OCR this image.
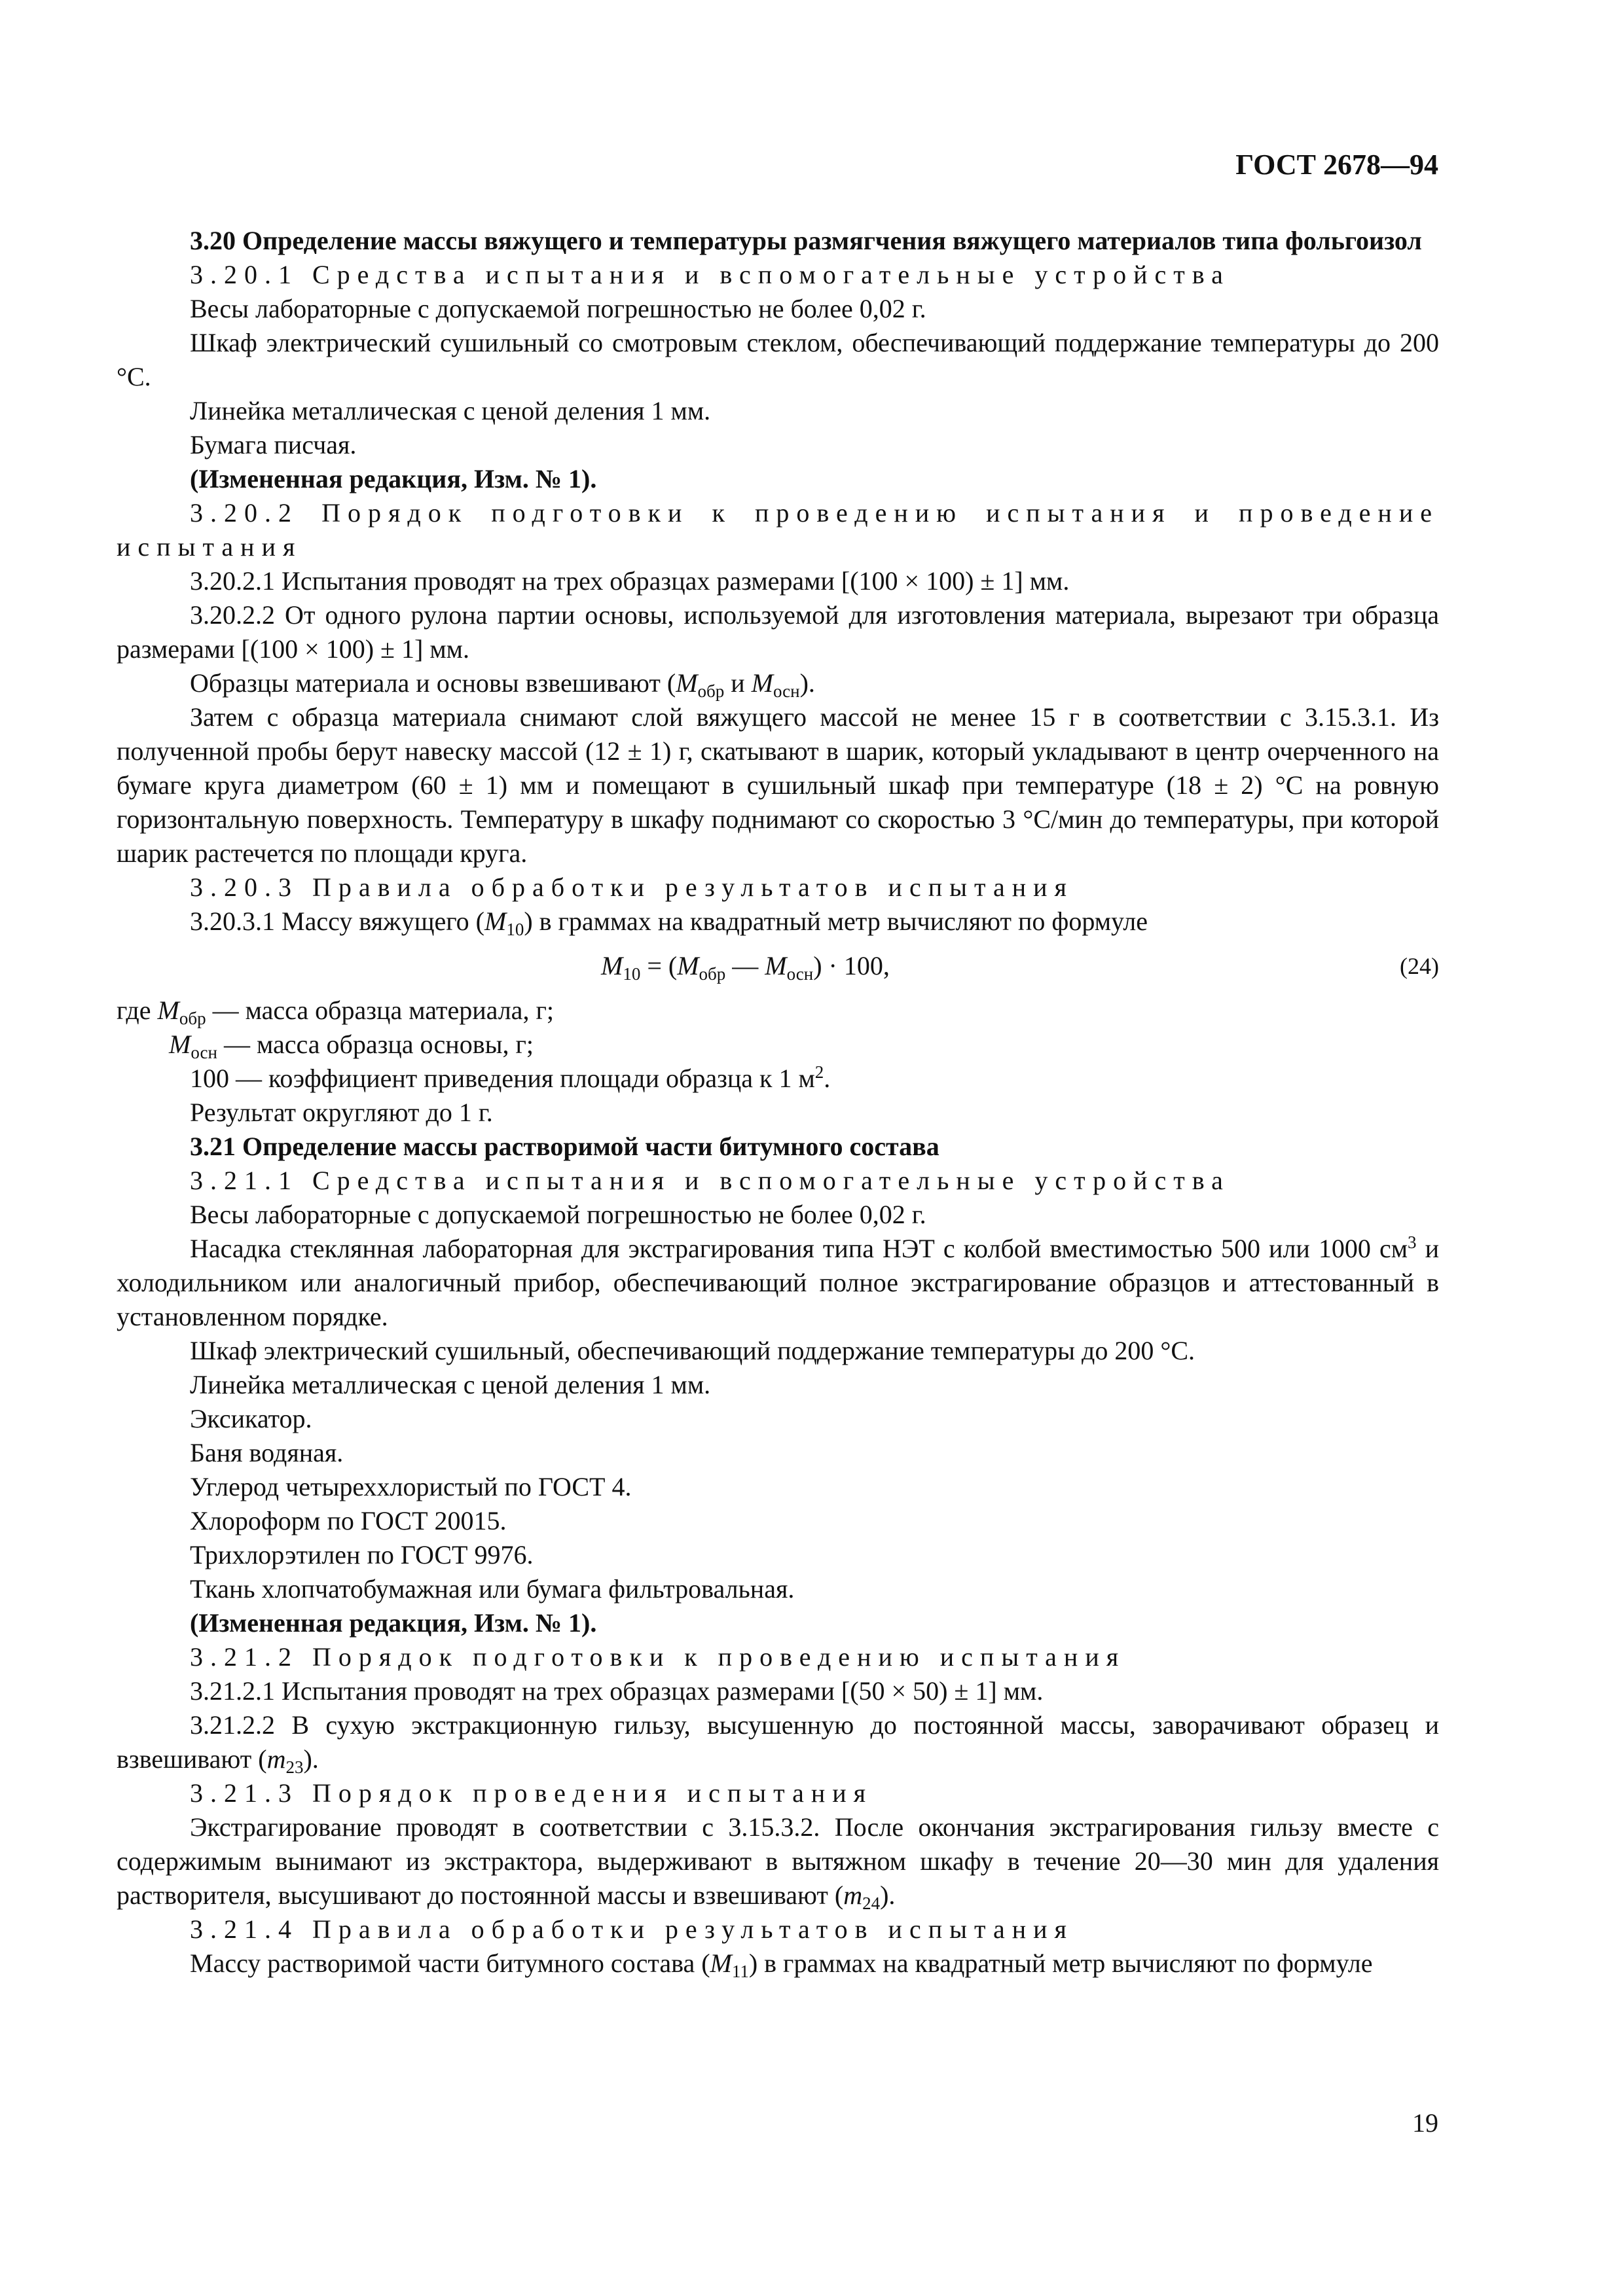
ГОСТ 2678—94

3.20 Определение массы вяжущего и температуры размягчения вяжущего материалов типа фольгоизол

3.20.1 Средства испытания и вспомогательные устройства

Весы лабораторные с допускаемой погрешностью не более 0,02 г.

Шкаф электрический сушильный со смотровым стеклом, обеспечивающий поддержание температуры до 200 °С.

Линейка металлическая с ценой деления 1 мм.

Бумага писчая.

(Измененная редакция, Изм. № 1).

3.20.2 Порядок подготовки к проведению испытания и проведение испытания

3.20.2.1 Испытания проводят на трех образцах размерами [(100 × 100) ± 1] мм.

3.20.2.2 От одного рулона партии основы, используемой для изготовления материала, вырезают три образца размерами [(100 × 100) ± 1] мм.

Образцы материала и основы взвешивают ($M_{обр}$ и $M_{осн}$).

Затем с образца материала снимают слой вяжущего массой не менее 15 г в соответствии с 3.15.3.1. Из полученной пробы берут навеску массой (12 ± 1) г, скатывают в шарик, который укладывают в центр очерченного на бумаге круга диаметром (60 ± 1) мм и помещают в сушильный шкаф при температуре (18 ± 2) °С на ровную горизонтальную поверхность. Температуру в шкафу поднимают со скоростью 3 °С/мин до температуры, при которой шарик растечется по площади круга.

3.20.3 Правила обработки результатов испытания

3.20.3.1 Массу вяжущего $(M_{10})$ в граммах на квадратный метр вычисляют по формуле

$M_{10} = (M_{обр}$ — $M_{осн}) \cdot 100$,	(24)

где $M_{обр}$ — масса образца материала, г;

$M_{осн}$ — масса образца основы, г;

100 — коэффициент приведения площади образца к 1 $м^2$.

Результат округляют до 1 г.

3.21 Определение массы растворимой части битумного состава

3.21.1 Средства испытания и вспомогательные устройства

Весы лабораторные с допускаемой погрешностью не более 0,02 г.

Насадка стеклянная лабораторная для экстрагирования типа НЭТ с колбой вместимостью 500 или 1000 $см^3$ и холодильником или аналогичный прибор, обеспечивающий полное экстрагирование образцов и аттестованный в установленном порядке.

Шкаф электрический сушильный, обеспечивающий поддержание температуры до 200 °С.

Линейка металлическая с ценой деления 1 мм.

Эксикатор.

Баня водяная.

Углерод четыреххлористый по ГОСТ 4.

Хлороформ по ГОСТ 20015.

Трихлорэтилен по ГОСТ 9976.

Ткань хлопчатобумажная или бумага фильтровальная.

(Измененная редакция, Изм. № 1).

3.21.2 Порядок подготовки к проведению испытания

3.21.2.1 Испытания проводят на трех образцах размерами [(50 × 50) ± 1] мм.

3.21.2.2 В сухую экстракционную гильзу, высушенную до постоянной массы, заворачивают образец и взвешивают $(m_{23})$.

3.21.3 Порядок проведения испытания

Экстрагирование проводят в соответствии с 3.15.3.2. После окончания экстрагирования гильзу вместе с содержимым вынимают из экстрактора, выдерживают в вытяжном шкафу в течение 20—30 мин для удаления растворителя, высушивают до постоянной массы и взвешивают $(m_{24})$.

3.21.4 Правила обработки результатов испытания

Массу растворимой части битумного состава $(M_{11})$ в граммах на квадратный метр вычисляют по формуле

19
